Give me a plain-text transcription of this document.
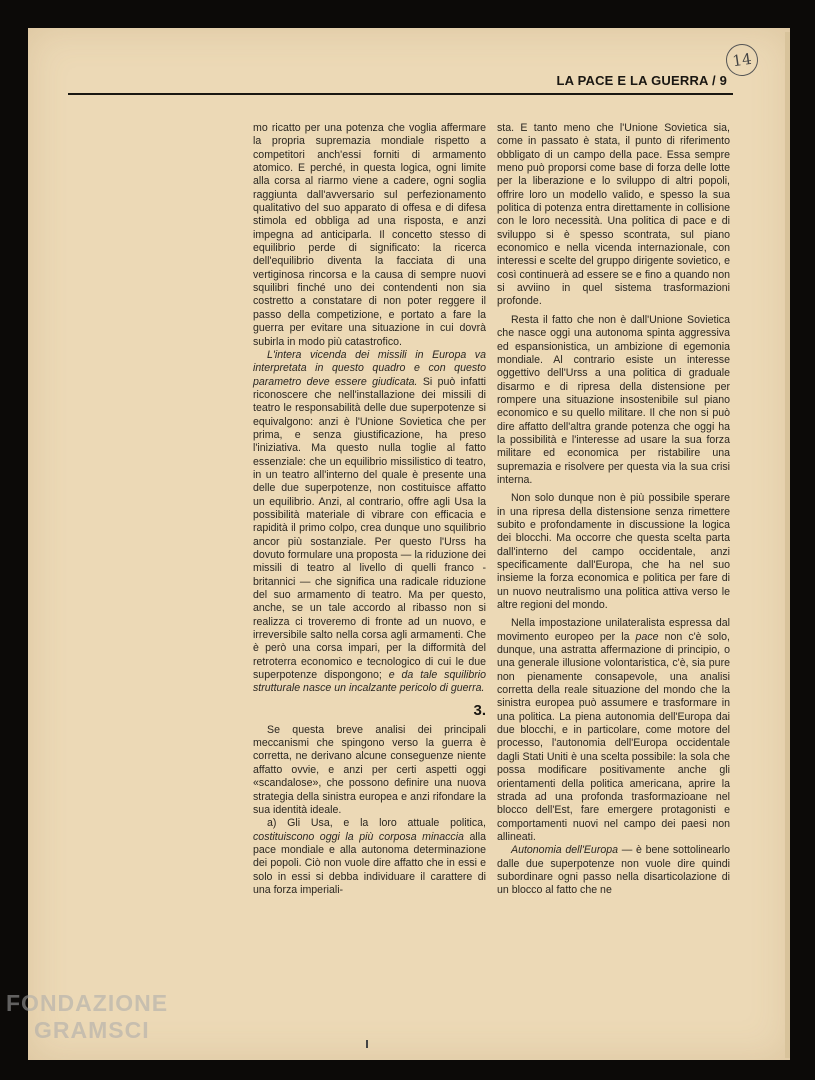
LA PACE E LA GUERRA / 9
14

mo ricatto per una potenza che voglia affermare la propria supremazia mondiale rispetto a competitori anch'essi forniti di armamento atomico. E perché, in questa logica, ogni limite alla corsa al riarmo viene a cadere, ogni soglia raggiunta dall'avversario sul perfezionamento qualitativo del suo apparato di offesa e di difesa stimola ed obbliga ad una risposta, e anzi impegna ad anticiparla. Il concetto stesso di equilibrio perde di significato: la ricerca dell'equilibrio diventa la facciata di una vertiginosa rincorsa e la causa di sempre nuovi squilibri finché uno dei contendenti non sia costretto a constatare di non poter reggere il passo della competizione, e portato a fare la guerra per evitare una situazione in cui dovrà subirla in modo più catastrofico.

L'intera vicenda dei missili in Europa va interpretata in questo quadro e con questo parametro deve essere giudicata. Si può infatti riconoscere che nell'installazione dei missili di teatro le responsabilità delle due superpotenze si equivalgono: anzi è l'Unione Sovietica che per prima, e senza giustificazione, ha preso l'iniziativa. Ma questo nulla toglie al fatto essenziale: che un equilibrio missilistico di teatro, in un teatro all'interno del quale è presente una delle due superpotenze, non costituisce affatto un equilibrio. Anzi, al contrario, offre agli Usa la possibilità materiale di vibrare con efficacia e rapidità il primo colpo, crea dunque uno squilibrio ancor più sostanziale. Per questo l'Urss ha dovuto formulare una proposta — la riduzione dei missili di teatro al livello di quelli franco - britannici — che significa una radicale riduzione del suo armamento di teatro. Ma per questo, anche, se un tale accordo al ribasso non si realizza ci troveremo di fronte ad un nuovo, e irreversibile salto nella corsa agli armamenti. Che è però una corsa impari, per la difformità del retroterra economico e tecnologico di cui le due superpotenze dispongono; e da tale squilibrio strutturale nasce un incalzante pericolo di guerra.

3.

Se questa breve analisi dei principali meccanismi che spingono verso la guerra è corretta, ne derivano alcune conseguenze niente affatto ovvie, e anzi per certi aspetti oggi «scandalose», che possono definire una nuova strategia della sinistra europea e anzi rifondare la sua identità ideale.

a) Gli Usa, e la loro attuale politica, costituiscono oggi la più corposa minaccia alla pace mondiale e alla autonoma determinazione dei popoli. Ciò non vuole dire affatto che in essi e solo in essi si debba individuare il carattere di una forza imperiali-

sta. E tanto meno che l'Unione Sovietica sia, come in passato è stata, il punto di riferimento obbligato di un campo della pace. Essa sempre meno può proporsi come base di forza delle lotte per la liberazione e lo sviluppo di altri popoli, offrire loro un modello valido, e spesso la sua politica di potenza entra direttamente in collisione con le loro necessità. Una politica di pace e di sviluppo si è spesso scontrata, sul piano economico e nella vicenda internazionale, con interessi e scelte del gruppo dirigente sovietico, e così continuerà ad essere se e fino a quando non si avviino in quel sistema trasformazioni profonde.

Resta il fatto che non è dall'Unione Sovietica che nasce oggi una autonoma spinta aggressiva ed espansionistica, un ambizione di egemonia mondiale. Al contrario esiste un interesse oggettivo dell'Urss a una politica di graduale disarmo e di ripresa della distensione per rompere una situazione insostenibile sul piano economico e su quello militare. Il che non si può dire affatto dell'altra grande potenza che oggi ha la possibilità e l'interesse ad usare la sua forza militare ed economica per ristabilire una supremazia e risolvere per questa via la sua crisi interna.

Non solo dunque non è più possibile sperare in una ripresa della distensione senza rimettere subito e profondamente in discussione la logica dei blocchi. Ma occorre che questa scelta parta dall'interno del campo occidentale, anzi specificamente dall'Europa, che ha nel suo insieme la forza economica e politica per fare di un nuovo neutralismo una politica attiva verso le altre regioni del mondo.

Nella impostazione unilateralista espressa dal movimento europeo per la pace non c'è solo, dunque, una astratta affermazione di principio, o una generale illusione volontaristica, c'è, sia pure non pienamente consapevole, una analisi corretta della reale situazione del mondo che la sinistra europea può assumere e trasformare in una politica. La piena autonomia dell'Europa dai due blocchi, e in particolare, come motore del processo, l'autonomia dell'Europa occidentale dagli Stati Uniti è una scelta possibile: la sola che possa modificare positivamente anche gli orientamenti della politica americana, aprire la strada ad una profonda trasformazioane nel blocco dell'Est, fare emergere protagonisti e comportamenti nuovi nel campo dei paesi non allineati.

Autonomia dell'Europa — è bene sottolinearlo dalle due superpotenze non vuole dire quindi subordinare ogni passo nella disarticolazione di un blocco al fatto che ne

FONDAZIONE
GRAMSCI
